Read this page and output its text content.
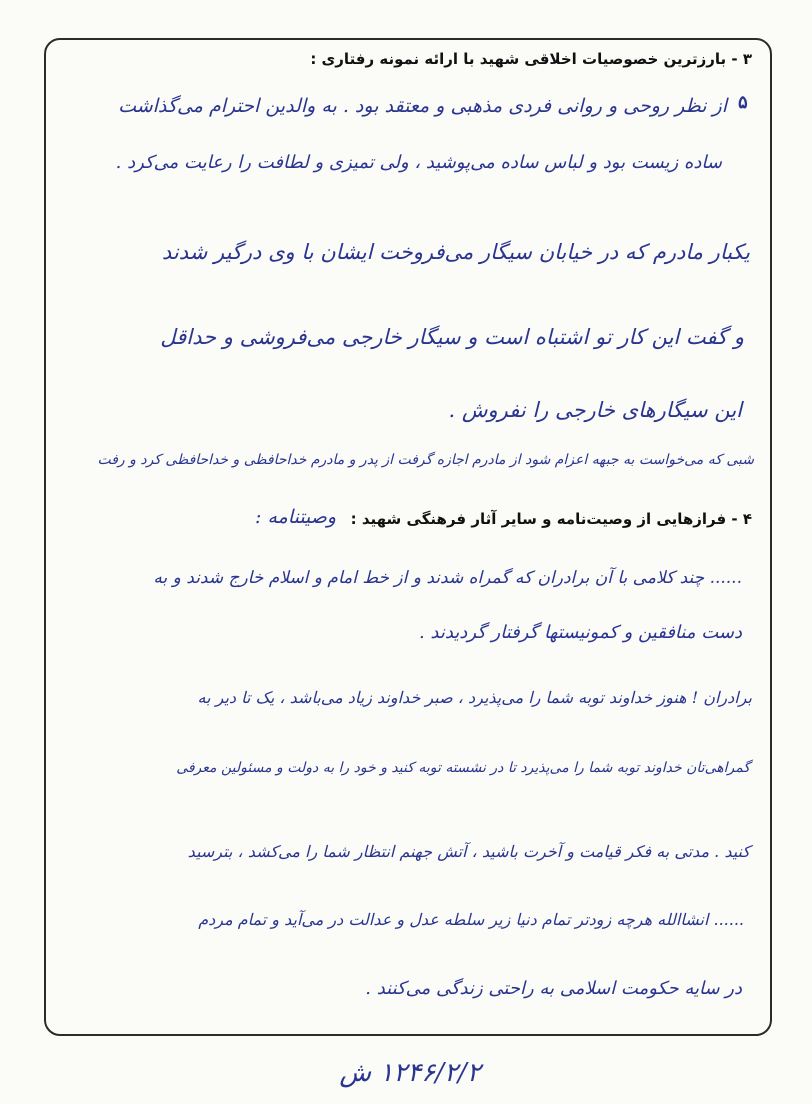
۳ - بارزترین خصوصیات اخلاقی شهید با ارائه نمونه رفتاری :
۵
از نظر روحی و روانی فردی مذهبی و معتقد بود . به والدین احترام می‌گذاشت
ساده زیست بود و لباس ساده می‌پوشید ، ولی تمیزی و لطافت را رعایت می‌کرد .
یکبار مادرم که در خیابان سیگار می‌فروخت ایشان با وی درگیر شدند
و گفت این کار تو اشتباه است و سیگار خارجی می‌فروشی و حداقل
این سیگارهای خارجی را نفروش .
شبی که می‌خواست به جبهه اعزام شود از مادرم اجازه گرفت از پدر و مادرم خداحافظی و خداحافظی کرد و رفت
۴ - فرازهایی از وصیت‌نامه و سایر آثار فرهنگی شهید :
وصیتنامه :
...... چند کلامی با آن برادران که گمراه شدند و از خط امام و اسلام خارج شدند و به
دست منافقین و کمونیستها گرفتار گردیدند .
برادران ! هنوز خداوند توبه شما را می‌پذیرد ، صبر خداوند زیاد می‌باشد ، یک تا دیر به
گمراهی‌تان خداوند توبه شما را می‌پذیرد تا در نشسته توبه کنید و خود را به دولت و مسئولین معرفی
کنید . مدتی به فکر قیامت و آخرت باشید ، آتش جهنم انتظار شما را می‌کشد ، بترسید
...... انشاالله هرچه زودتر تمام دنیا زیر سلطه عدل و عدالت در می‌آید و تمام مردم
در سایه حکومت اسلامی به راحتی زندگی می‌کنند .
۱۲۴۶/۲/۲ ش
